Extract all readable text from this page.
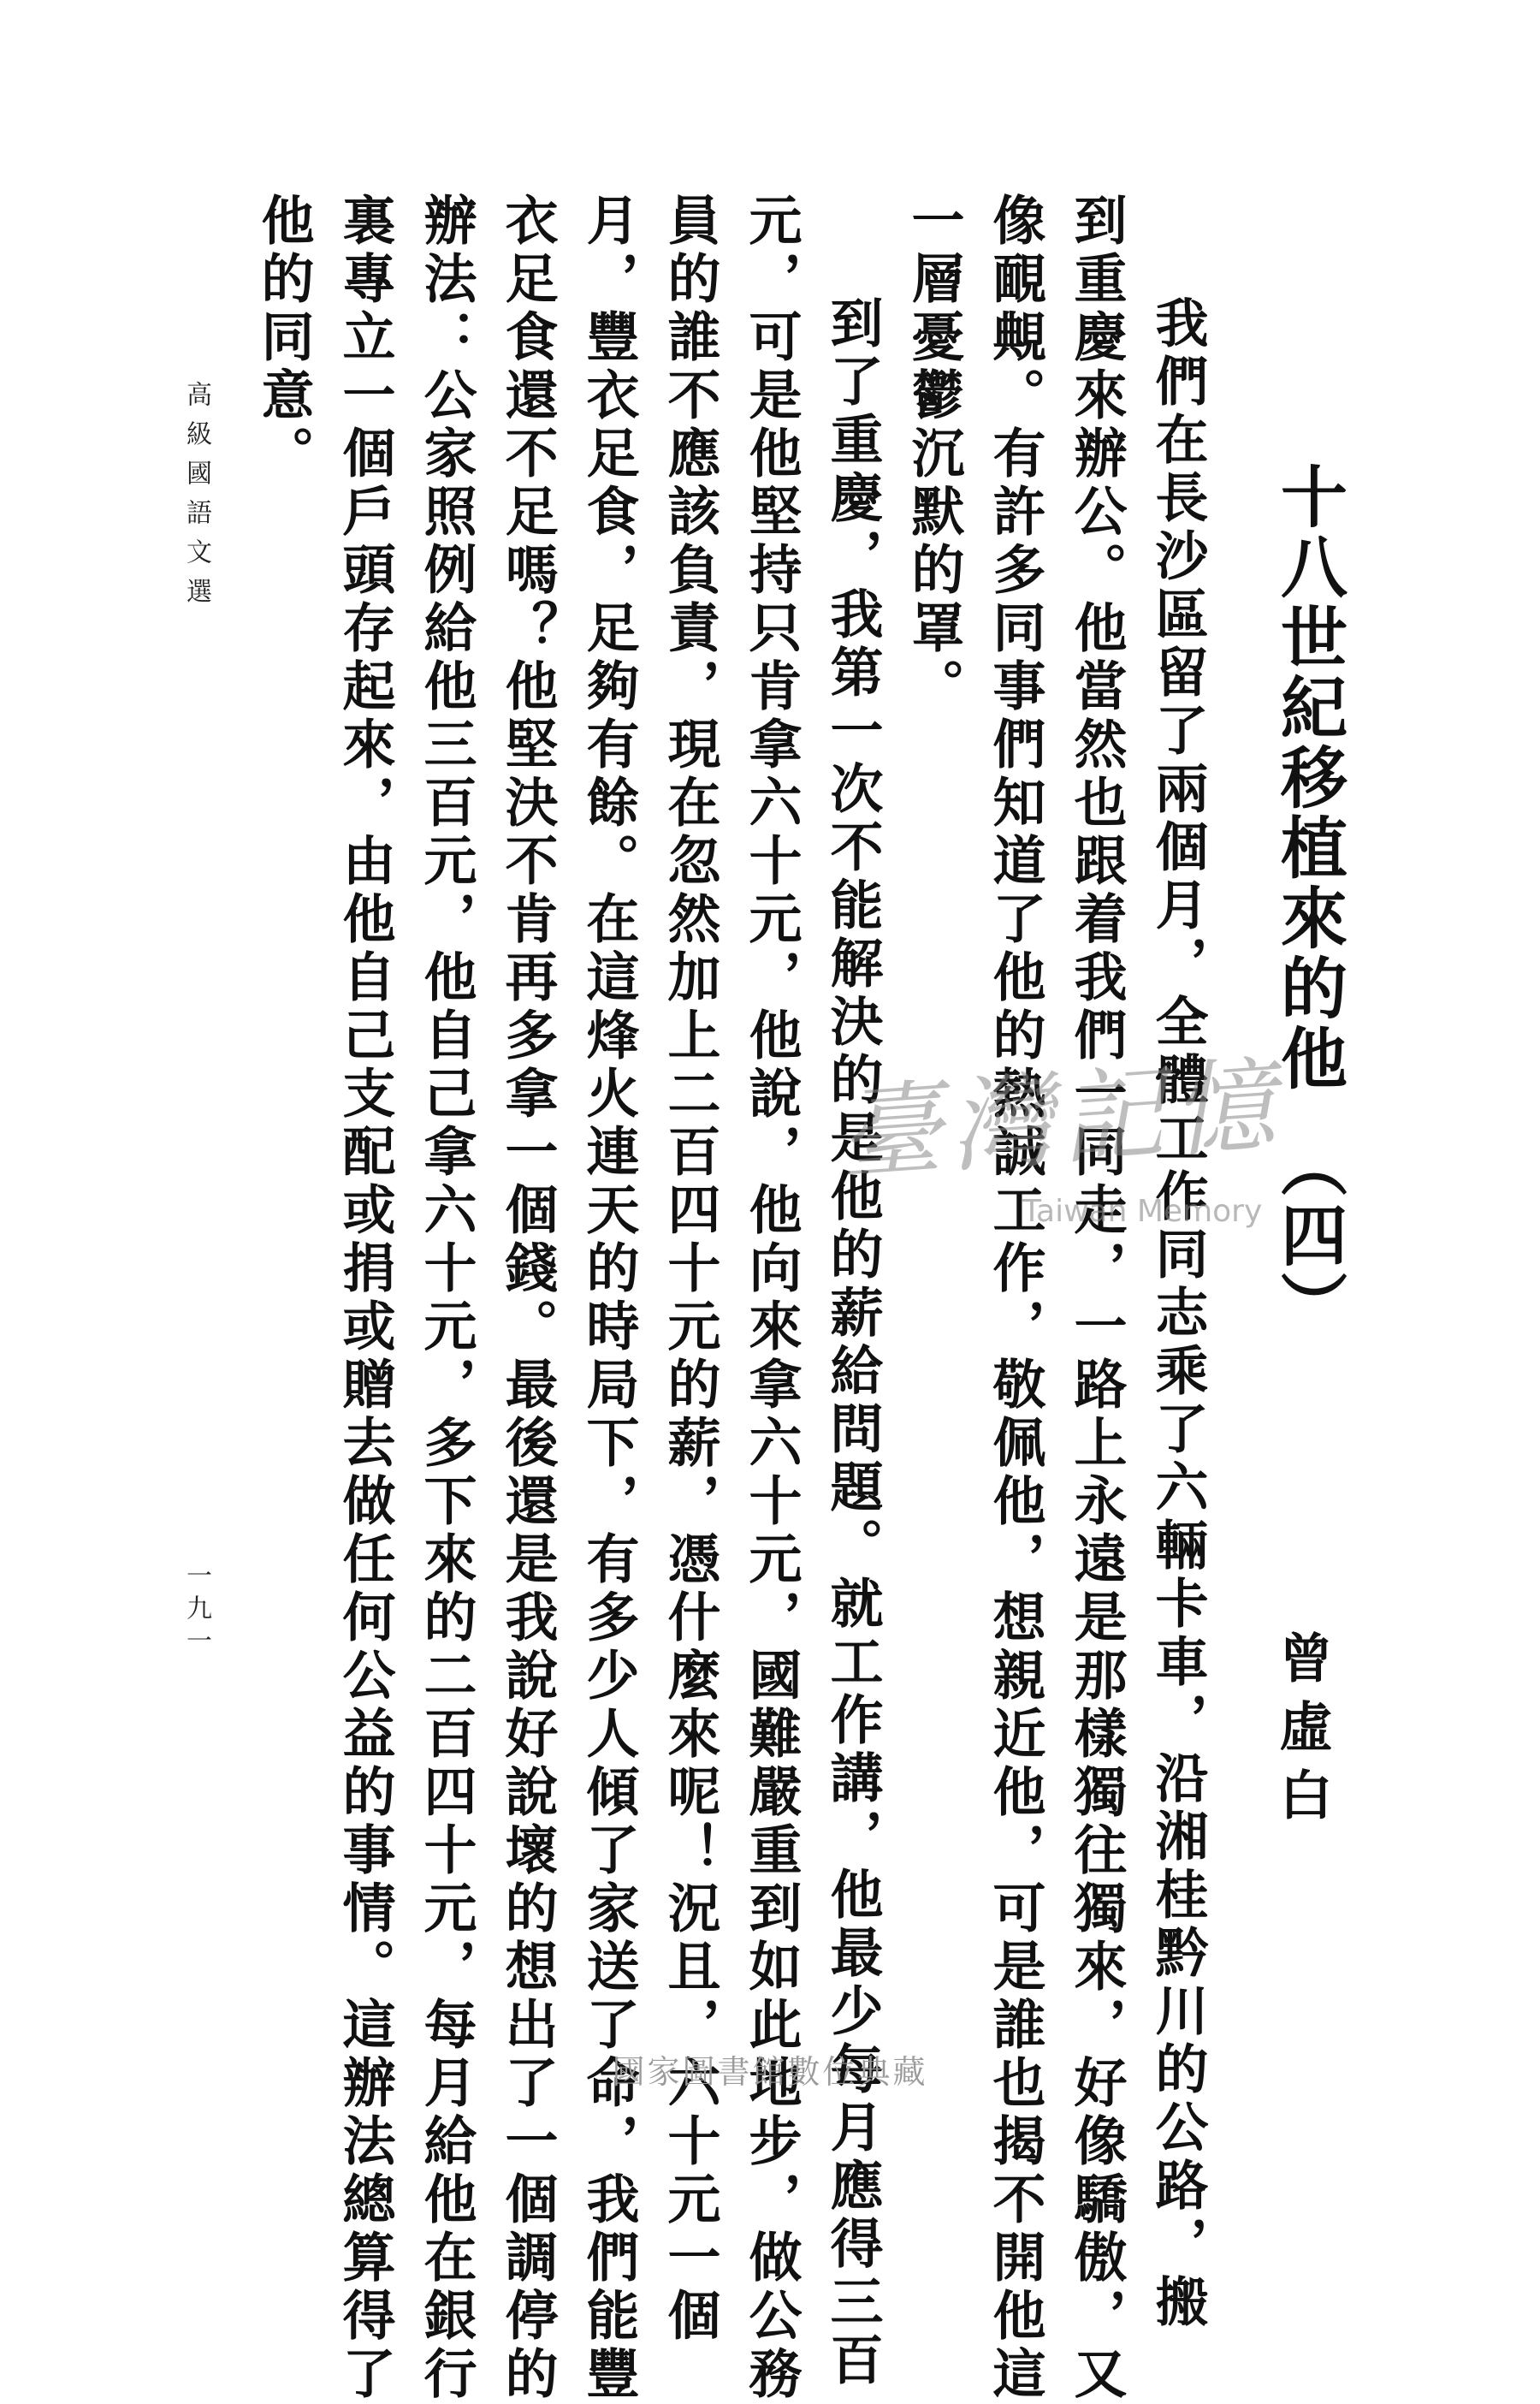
十八世紀移植來的他　（四）
曾虛白
我們在長沙區留了兩個月，全體工作同志乘了六輛卡車，沿湘桂黔川的公路，搬
到重慶來辦公。他當然也跟着我們一同走，一路上永遠是那樣獨往獨來，好像驕傲，又
像靦覥。有許多同事們知道了他的熱誠工作，敬佩他，想親近他，可是誰也揭不開他這
一層憂鬱沉默的罩。
到了重慶，我第一次不能解決的是他的薪給問題。就工作講，他最少每月應得三百
元，可是他堅持只肯拿六十元，他說，他向來拿六十元，國難嚴重到如此地步，做公務
員的誰不應該負責，現在忽然加上二百四十元的薪，憑什麼來呢！況且，六十元一個
月，豐衣足食，足夠有餘。在這烽火連天的時局下，有多少人傾了家送了命，我們能豐
衣足食還不足嗎？他堅決不肯再多拿一個錢。最後還是我說好說壞的想出了一個調停的
辦法：公家照例給他三百元，他自己拿六十元，多下來的二百四十元，每月給他在銀行
裏專立一個戶頭存起來，由他自己支配或捐或贈去做任何公益的事情。這辦法總算得了
他的同意。
高級國語文選
一九一
臺灣記憶
Taiwan Memory
國家圖書館數位典藏
